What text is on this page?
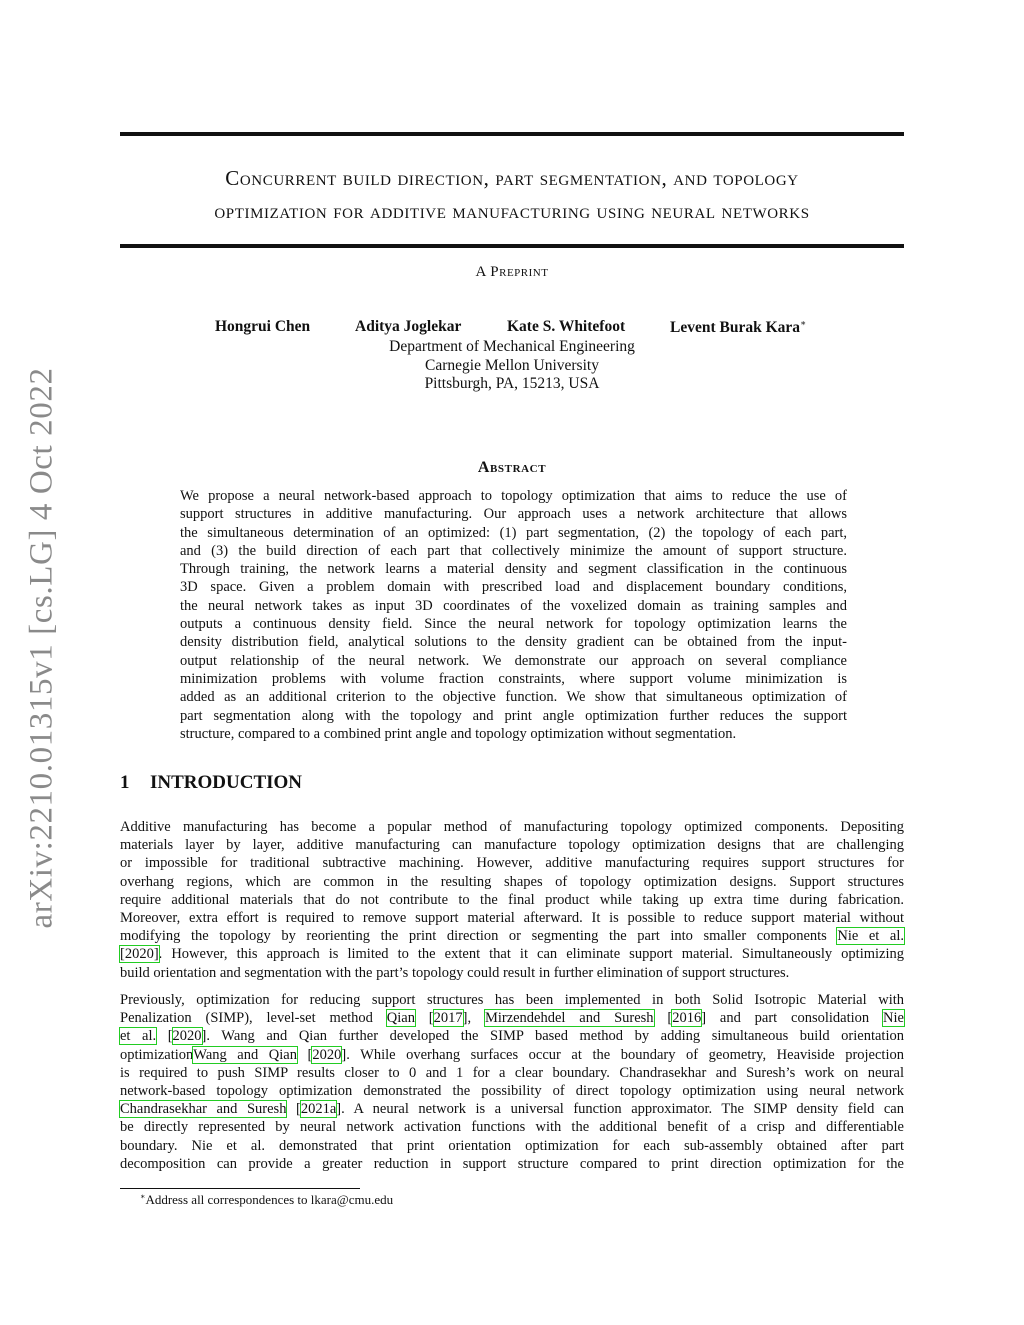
arXiv:2210.01315v1 [cs.LG] 4 Oct 2022
Concurrent build direction, part segmentation, and topology
optimization for additive manufacturing using neural networks
A Preprint
Hongrui Chen	Aditya Joglekar	Kate S. Whitefoot	Levent Burak Kara∗
Department of Mechanical Engineering
Carnegie Mellon University
Pittsburgh, PA, 15213, USA
Abstract
We propose a neural network-based approach to topology optimization that aims to reduce the use of
support structures in additive manufacturing. Our approach uses a network architecture that allows
the simultaneous determination of an optimized: (1) part segmentation, (2) the topology of each part,
and (3) the build direction of each part that collectively minimize the amount of support structure.
Through training, the network learns a material density and segment classification in the continuous
3D space. Given a problem domain with prescribed load and displacement boundary conditions,
the neural network takes as input 3D coordinates of the voxelized domain as training samples and
outputs a continuous density field. Since the neural network for topology optimization learns the
density distribution field, analytical solutions to the density gradient can be obtained from the input-
output relationship of the neural network. We demonstrate our approach on several compliance
minimization problems with volume fraction constraints, where support volume minimization is
added as an additional criterion to the objective function. We show that simultaneous optimization of
part segmentation along with the topology and print angle optimization further reduces the support
structure, compared to a combined print angle and topology optimization without segmentation.
1 INTRODUCTION
Additive manufacturing has become a popular method of manufacturing topology optimized components. Depositing
materials layer by layer, additive manufacturing can manufacture topology optimization designs that are challenging
or impossible for traditional subtractive machining. However, additive manufacturing requires support structures for
overhang regions, which are common in the resulting shapes of topology optimization designs. Support structures
require additional materials that do not contribute to the final product while taking up extra time during fabrication.
Moreover, extra effort is required to remove support material afterward. It is possible to reduce support material without
modifying the topology by reorienting the print direction or segmenting the part into smaller components Nie et al.
[2020]. However, this approach is limited to the extent that it can eliminate support material. Simultaneously optimizing
build orientation and segmentation with the part’s topology could result in further elimination of support structures.
Previously, optimization for reducing support structures has been implemented in both Solid Isotropic Material with
Penalization (SIMP), level-set method Qian [2017], Mirzendehdel and Suresh [2016] and part consolidation Nie
et al. [2020]. Wang and Qian further developed the SIMP based method by adding simultaneous build orientation
optimizationWang and Qian [2020]. While overhang surfaces occur at the boundary of geometry, Heaviside projection
is required to push SIMP results closer to 0 and 1 for a clear boundary. Chandrasekhar and Suresh’s work on neural
network-based topology optimization demonstrated the possibility of direct topology optimization using neural network
Chandrasekhar and Suresh [2021a]. A neural network is a universal function approximator. The SIMP density field can
be directly represented by neural network activation functions with the additional benefit of a crisp and differentiable
boundary. Nie et al. demonstrated that print orientation optimization for each sub-assembly obtained after part
decomposition can provide a greater reduction in support structure compared to print direction optimization for the
∗Address all correspondences to lkara@cmu.edu
